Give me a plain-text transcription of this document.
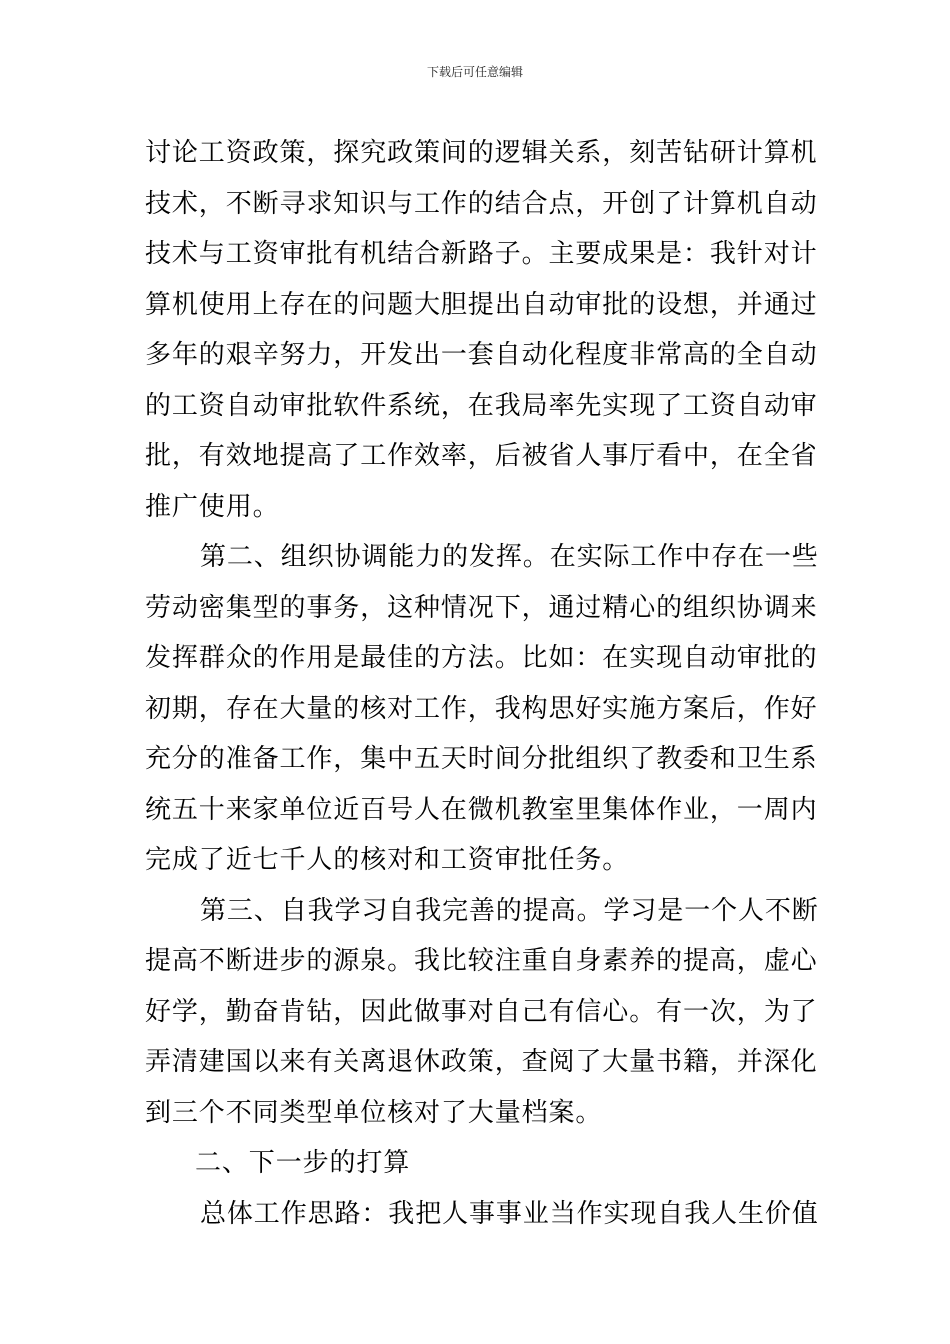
下载后可任意编辑
讨论工资政策，探究政策间的逻辑关系，刻苦钻研计算机
技术，不断寻求知识与工作的结合点，开创了计算机自动
技术与工资审批有机结合新路子。主要成果是：我针对计
算机使用上存在的问题大胆提出自动审批的设想，并通过
多年的艰辛努力，开发出一套自动化程度非常高的全自动
的工资自动审批软件系统，在我局率先实现了工资自动审
批，有效地提高了工作效率，后被省人事厅看中，在全省
推广使用。
第二、组织协调能力的发挥。在实际工作中存在一些
劳动密集型的事务，这种情况下，通过精心的组织协调来
发挥群众的作用是最佳的方法。比如：在实现自动审批的
初期，存在大量的核对工作，我构思好实施方案后，作好
充分的准备工作，集中五天时间分批组织了教委和卫生系
统五十来家单位近百号人在微机教室里集体作业，一周内
完成了近七千人的核对和工资审批任务。
第三、自我学习自我完善的提高。学习是一个人不断
提高不断进步的源泉。我比较注重自身素养的提高，虚心
好学，勤奋肯钻，因此做事对自己有信心。有一次，为了
弄清建国以来有关离退休政策，查阅了大量书籍，并深化
到三个不同类型单位核对了大量档案。
二、下一步的打算
总体工作思路：我把人事事业当作实现自我人生价值
